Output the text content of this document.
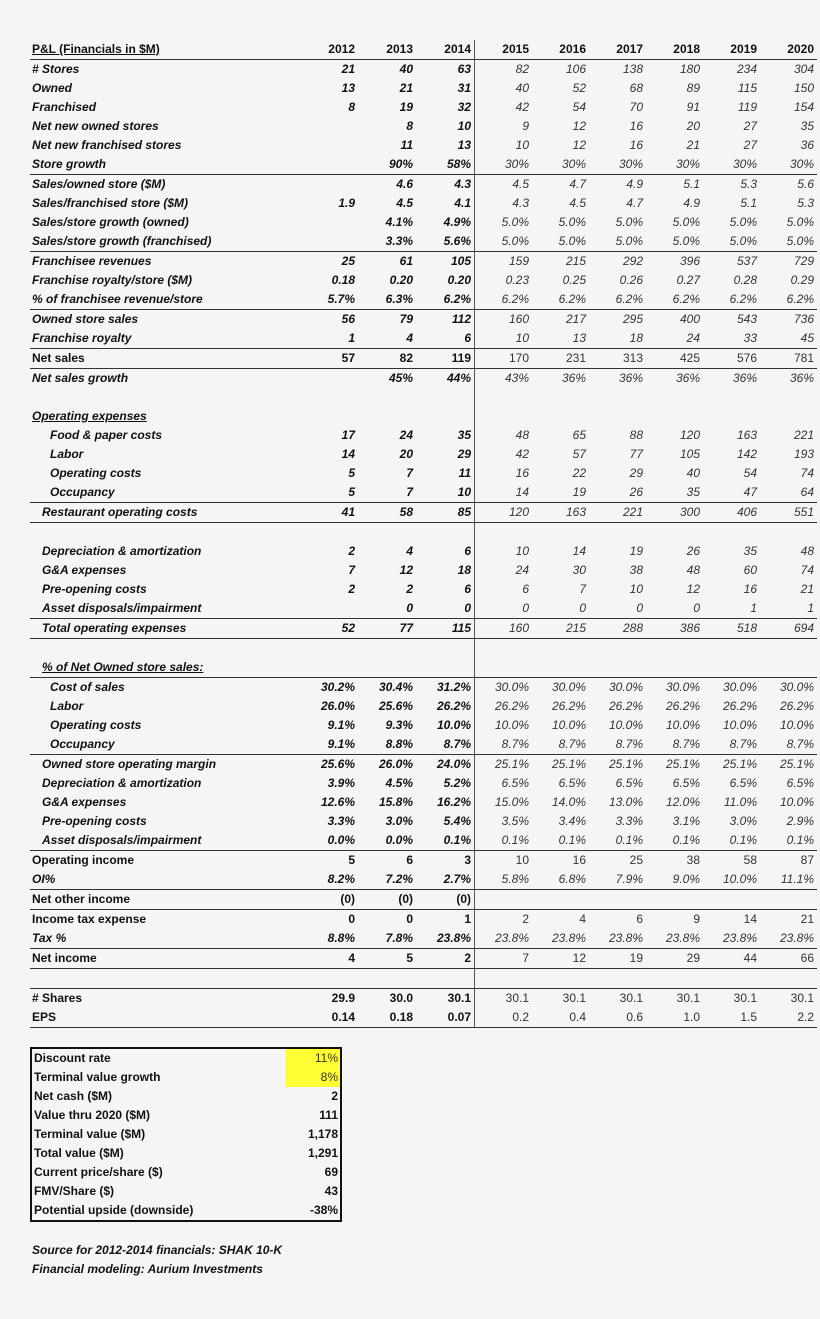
P&L (Financials in $M)	2012	2013	2014	2015	2016	2017	2018	2019	2020
# Stores	21	40	63	82	106	138	180	234	304
Owned	13	21	31	40	52	68	89	115	150
Franchised	8	19	32	42	54	70	91	119	154
Net new owned stores		8	10	9	12	16	20	27	35
Net new franchised stores		11	13	10	12	16	21	27	36
Store growth		90%	58%	30%	30%	30%	30%	30%	30%
Sales/owned store ($M)		4.6	4.3	4.5	4.7	4.9	5.1	5.3	5.6
Sales/franchised store ($M)	1.9	4.5	4.1	4.3	4.5	4.7	4.9	5.1	5.3
Sales/store growth (owned)		4.1%	4.9%	5.0%	5.0%	5.0%	5.0%	5.0%	5.0%
Sales/store growth (franchised)		3.3%	5.6%	5.0%	5.0%	5.0%	5.0%	5.0%	5.0%
Franchisee revenues	25	61	105	159	215	292	396	537	729
Franchise royalty/store ($M)	0.18	0.20	0.20	0.23	0.25	0.26	0.27	0.28	0.29
% of franchisee revenue/store	5.7%	6.3%	6.2%	6.2%	6.2%	6.2%	6.2%	6.2%	6.2%
Owned store sales	56	79	112	160	217	295	400	543	736
Franchise royalty	1	4	6	10	13	18	24	33	45
Net sales	57	82	119	170	231	313	425	576	781
Net sales growth		45%	44%	43%	36%	36%	36%	36%	36%

Operating expenses									
Food & paper costs	17	24	35	48	65	88	120	163	221
Labor	14	20	29	42	57	77	105	142	193
Operating costs	5	7	11	16	22	29	40	54	74
Occupancy	5	7	10	14	19	26	35	47	64
Restaurant operating costs	41	58	85	120	163	221	300	406	551

Depreciation & amortization	2	4	6	10	14	19	26	35	48
G&A expenses	7	12	18	24	30	38	48	60	74
Pre-opening costs	2	2	6	6	7	10	12	16	21
Asset disposals/impairment		0	0	0	0	0	0	1	1
Total operating expenses	52	77	115	160	215	288	386	518	694

% of Net Owned store sales:									
Cost of sales	30.2%	30.4%	31.2%	30.0%	30.0%	30.0%	30.0%	30.0%	30.0%
Labor	26.0%	25.6%	26.2%	26.2%	26.2%	26.2%	26.2%	26.2%	26.2%
Operating costs	9.1%	9.3%	10.0%	10.0%	10.0%	10.0%	10.0%	10.0%	10.0%
Occupancy	9.1%	8.8%	8.7%	8.7%	8.7%	8.7%	8.7%	8.7%	8.7%
Owned store operating margin	25.6%	26.0%	24.0%	25.1%	25.1%	25.1%	25.1%	25.1%	25.1%
Depreciation & amortization	3.9%	4.5%	5.2%	6.5%	6.5%	6.5%	6.5%	6.5%	6.5%
G&A expenses	12.6%	15.8%	16.2%	15.0%	14.0%	13.0%	12.0%	11.0%	10.0%
Pre-opening costs	3.3%	3.0%	5.4%	3.5%	3.4%	3.3%	3.1%	3.0%	2.9%
Asset disposals/impairment	0.0%	0.0%	0.1%	0.1%	0.1%	0.1%	0.1%	0.1%	0.1%
Operating income	5	6	3	10	16	25	38	58	87
OI%	8.2%	7.2%	2.7%	5.8%	6.8%	7.9%	9.0%	10.0%	11.1%
Net other income	(0)	(0)	(0)						
Income tax expense	0	0	1	2	4	6	9	14	21
Tax %	8.8%	7.8%	23.8%	23.8%	23.8%	23.8%	23.8%	23.8%	23.8%
Net income	4	5	2	7	12	19	29	44	66

# Shares	29.9	30.0	30.1	30.1	30.1	30.1	30.1	30.1	30.1
EPS	0.14	0.18	0.07	0.2	0.4	0.6	1.0	1.5	2.2
Discount rate	11%
Terminal value growth	8%
Net cash ($M)	2
Value thru 2020 ($M)	111
Terminal value ($M)	1,178
Total value ($M)	1,291
Current price/share ($)	69
FMV/Share ($)	43
Potential upside (downside)	-38%
Source for 2012-2014 financials: SHAK 10-K
Financial modeling: Aurium Investments
